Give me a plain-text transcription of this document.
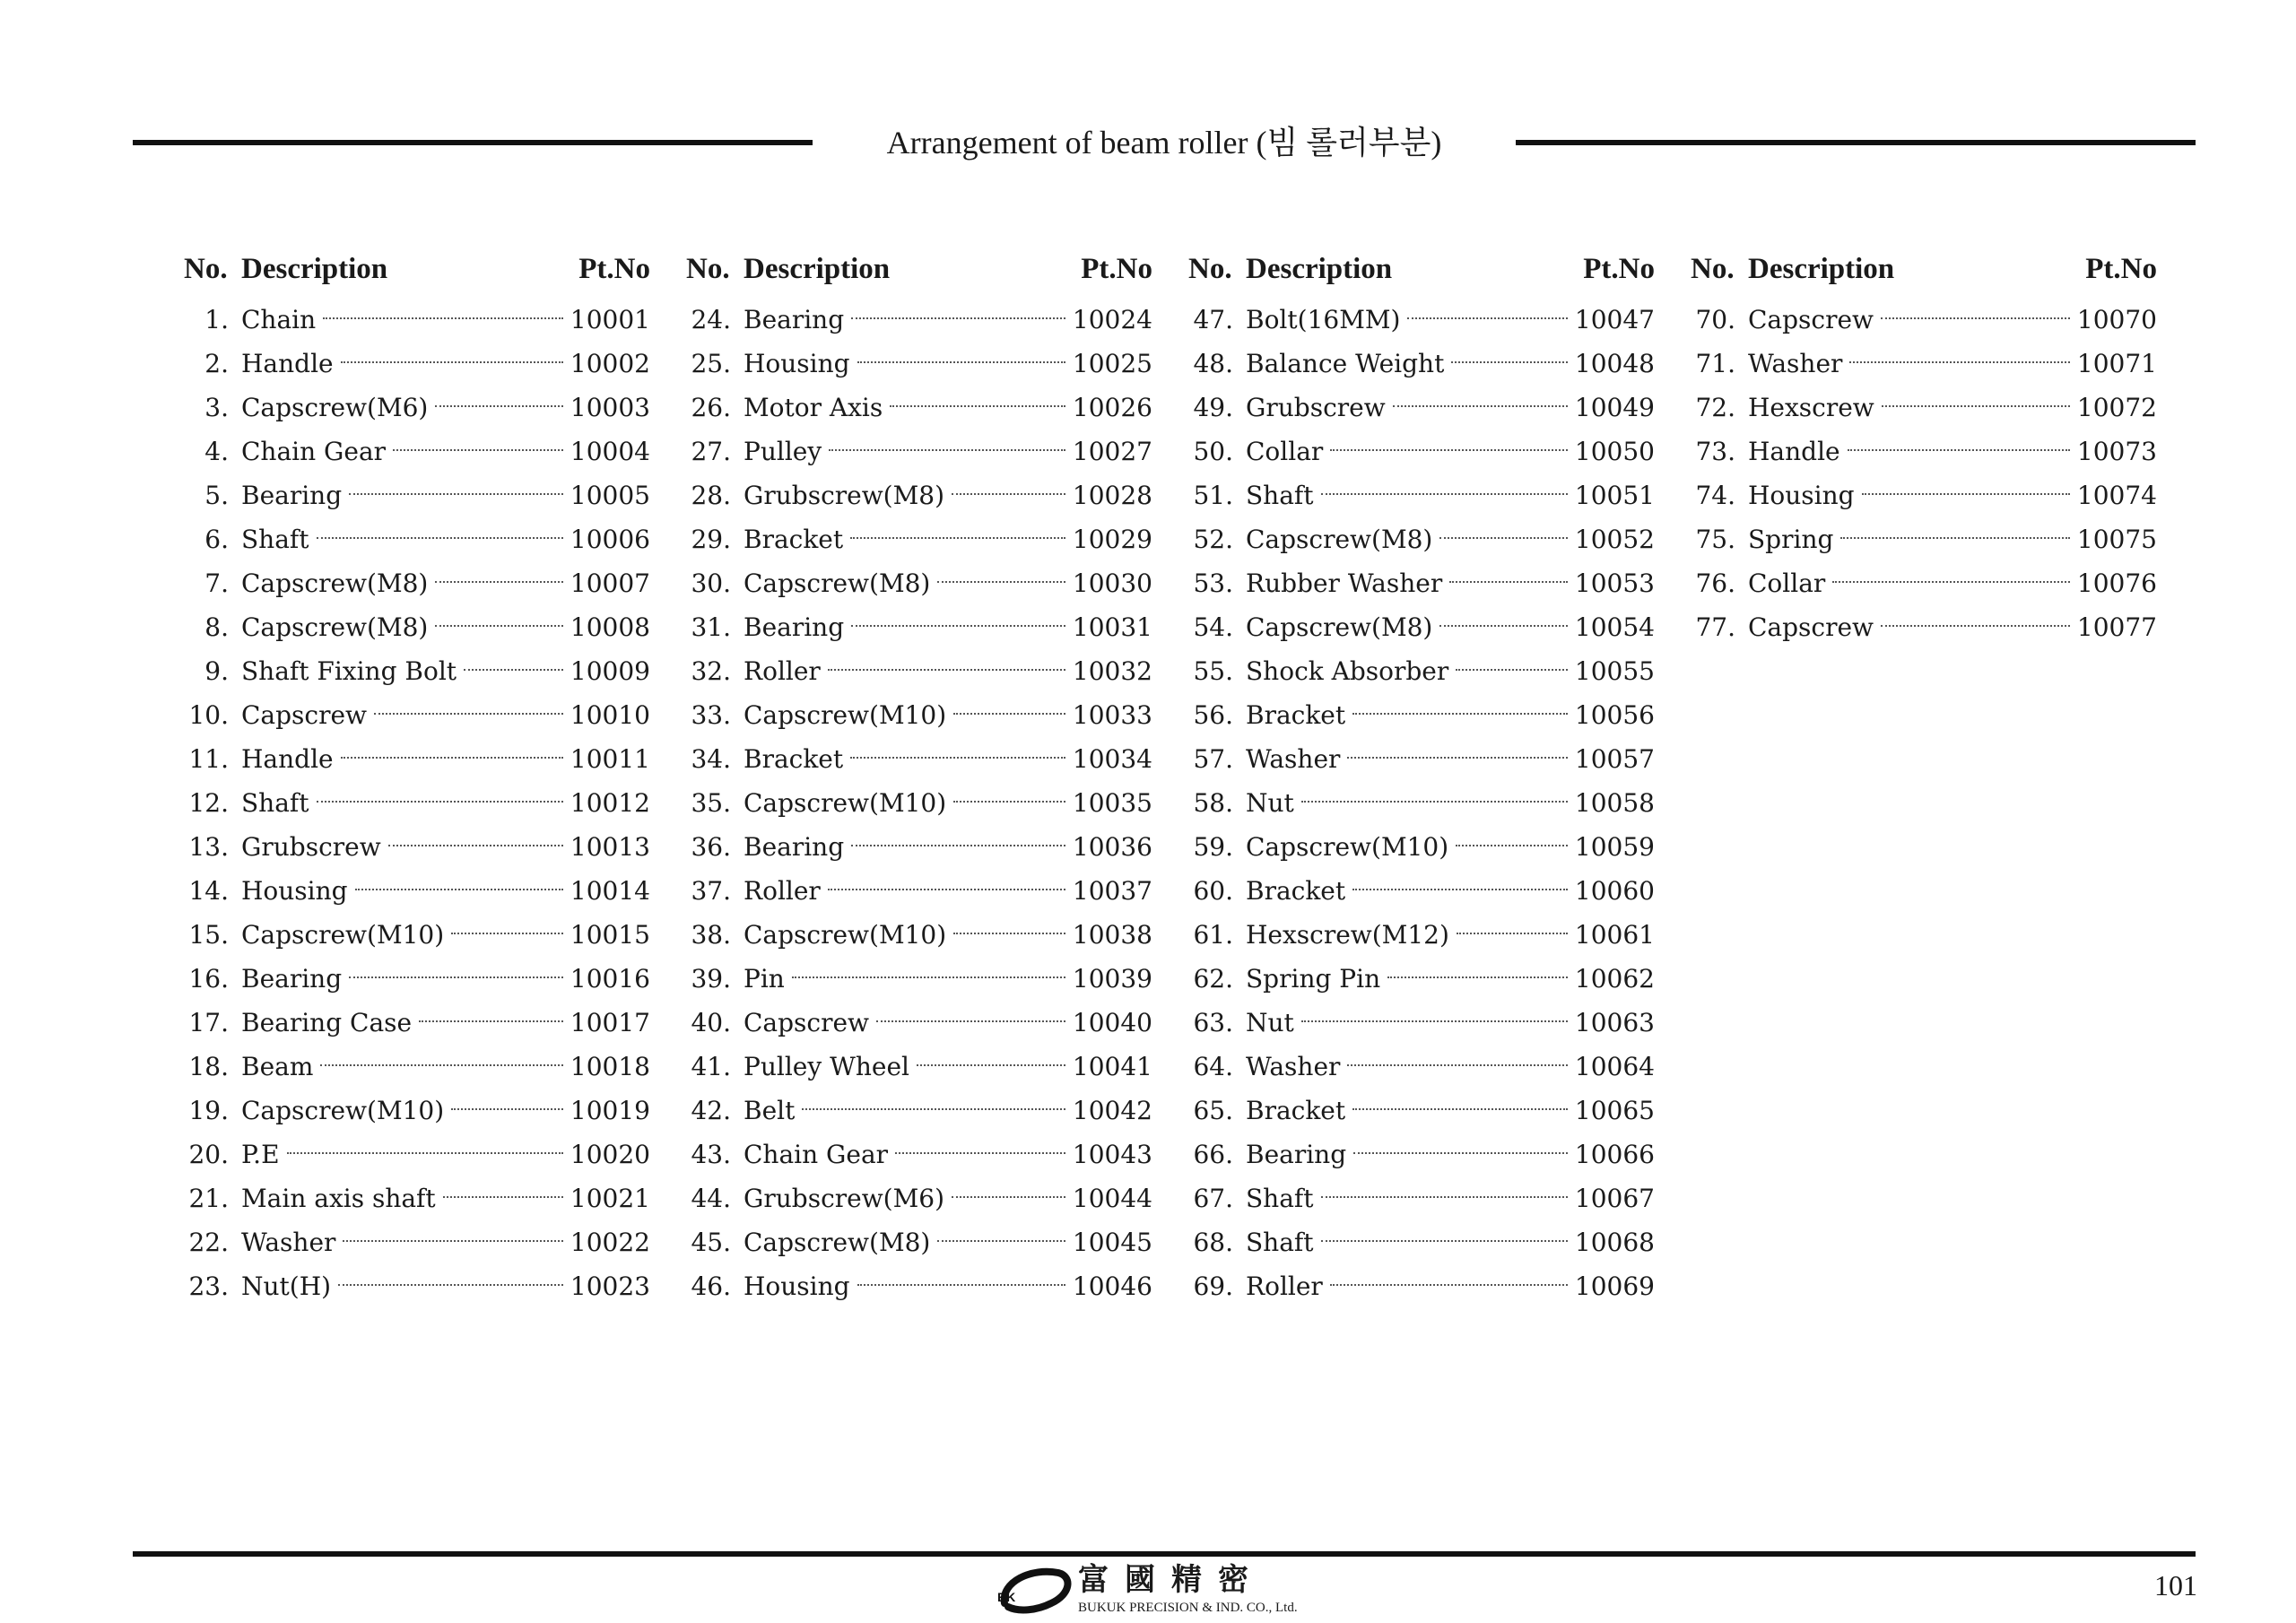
Arrangement of beam roller (빔 롤러부분)
No. Description	Pt.No
1. Chain	10001
2. Handle	10002
3. Capscrew(M6)	10003
4. Chain Gear	10004
5. Bearing	10005
6. Shaft	10006
7. Capscrew(M8)	10007
8. Capscrew(M8)	10008
9. Shaft Fixing Bolt	10009
10. Capscrew	10010
11. Handle	10011
12. Shaft	10012
13. Grubscrew	10013
14. Housing	10014
15. Capscrew(M10)	10015
16. Bearing	10016
17. Bearing Case	10017
18. Beam	10018
19. Capscrew(M10)	10019
20. P.E	10020
21. Main axis shaft	10021
22. Washer	10022
23. Nut(H)	10023
No. Description	Pt.No
24. Bearing	10024
25. Housing	10025
26. Motor Axis	10026
27. Pulley	10027
28. Grubscrew(M8)	10028
29. Bracket	10029
30. Capscrew(M8)	10030
31. Bearing	10031
32. Roller	10032
33. Capscrew(M10)	10033
34. Bracket	10034
35. Capscrew(M10)	10035
36. Bearing	10036
37. Roller	10037
38. Capscrew(M10)	10038
39. Pin	10039
40. Capscrew	10040
41. Pulley Wheel	10041
42. Belt	10042
43. Chain Gear	10043
44. Grubscrew(M6)	10044
45. Capscrew(M8)	10045
46. Housing	10046
No. Description	Pt.No
47. Bolt(16MM)	10047
48. Balance Weight	10048
49. Grubscrew	10049
50. Collar	10050
51. Shaft	10051
52. Capscrew(M8)	10052
53. Rubber Washer	10053
54. Capscrew(M8)	10054
55. Shock Absorber	10055
56. Bracket	10056
57. Washer	10057
58. Nut	10058
59. Capscrew(M10)	10059
60. Bracket	10060
61. Hexscrew(M12)	10061
62. Spring Pin	10062
63. Nut	10063
64. Washer	10064
65. Bracket	10065
66. Bearing	10066
67. Shaft	10067
68. Shaft	10068
69. Roller	10069
No. Description	Pt.No
70. Capscrew	10070
71. Washer	10071
72. Hexscrew	10072
73. Handle	10073
74. Housing	10074
75. Spring	10075
76. Collar	10076
77. Capscrew	10077
BK 富國精密
BUKUK PRECISION & IND. CO., Ltd.
101
